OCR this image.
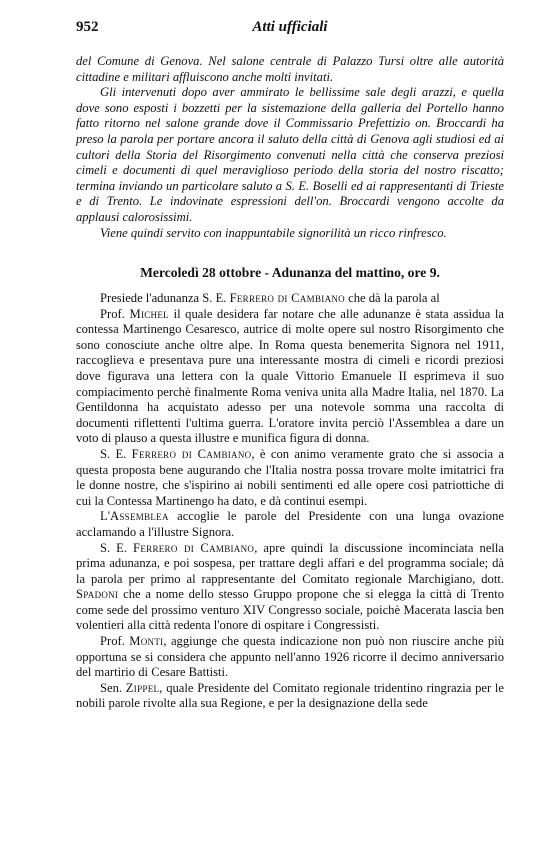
952	Atti ufficiali

del Comune di Genova. Nel salone centrale di Palazzo Tursi oltre alle autorità cittadine e militari affluiscono anche molti invitati.

Gli intervenuti dopo aver ammirato le bellissime sale degli arazzi, e quella dove sono esposti i bozzetti per la sistemazione della galleria del Portello hanno fatto ritorno nel salone grande dove il Commissario Prefettizio on. Broccardi ha preso la parola per portare ancora il saluto della città di Genova agli studiosi ed ai cultori della Storia del Risorgimento convenuti nella città che conserva preziosi cimeli e documenti di quel meraviglioso periodo della storia del nostro riscatto; termina inviando un particolare saluto a S. E. Boselli ed ai rappresentanti di Trieste e di Trento. Le indovinate espressioni dell'on. Broccardi vengono accolte da applausi calorosissimi.

Viene quindi servito con inappuntabile signorilità un ricco rinfresco.

Mercoledì 28 ottobre - Adunanza del mattino, ore 9.

Presiede l'adunanza S. E. Ferrero di Cambiano che dà la parola al

Prof. Michel il quale desidera far notare che alle adunanze è stata assidua la contessa Martinengo Cesaresco, autrice di molte opere sul nostro Risorgimento che sono conosciute anche oltre alpe. In Roma questa benemerita Signora nel 1911, raccoglieva e presentava pure una interessante mostra di cimeli e ricordi preziosi dove figurava una lettera con la quale Vittorio Emanuele II esprimeva il suo compiacimento perchè finalmente Roma veniva unita alla Madre Italia, nel 1870. La Gentildonna ha acquistato adesso per una notevole somma una raccolta di documenti riflettenti l'ultima guerra. L'oratore invita perciò l'Assemblea a dare un voto di plauso a questa illustre e munifica figura di donna.

S. E. Ferrero di Cambiano, è con animo veramente grato che si associa a questa proposta bene augurando che l'Italia nostra possa trovare molte imitatrici fra le donne nostre, che s'ispirino ai nobili sentimenti ed alle opere così patriottiche di cui la Contessa Martinengo ha dato, e dà continui esempi.

L'Assemblea accoglie le parole del Presidente con una lunga ovazione acclamando a l'illustre Signora.

S. E. Ferrero di Cambiano, apre quindi la discussione incominciata nella prima adunanza, e poi sospesa, per trattare degli affari e del programma sociale; dà la parola per primo al rappresentante del Comitato regionale Marchigiano, dott. Spadoni che a nome dello stesso Gruppo propone che si elegga la città di Trento come sede del prossimo venturo XIV Congresso sociale, poichè Macerata lascia ben volentieri alla città redenta l'onore di ospitare i Congressisti.

Prof. Monti, aggiunge che questa indicazione non può non riuscire anche più opportuna se si considera che appunto nell'anno 1926 ricorre il decimo anniversario del martirio di Cesare Battisti.

Sen. Zippel, quale Presidente del Comitato regionale tridentino ringrazia per le nobili parole rivolte alla sua Regione, e per la designazione della sede
